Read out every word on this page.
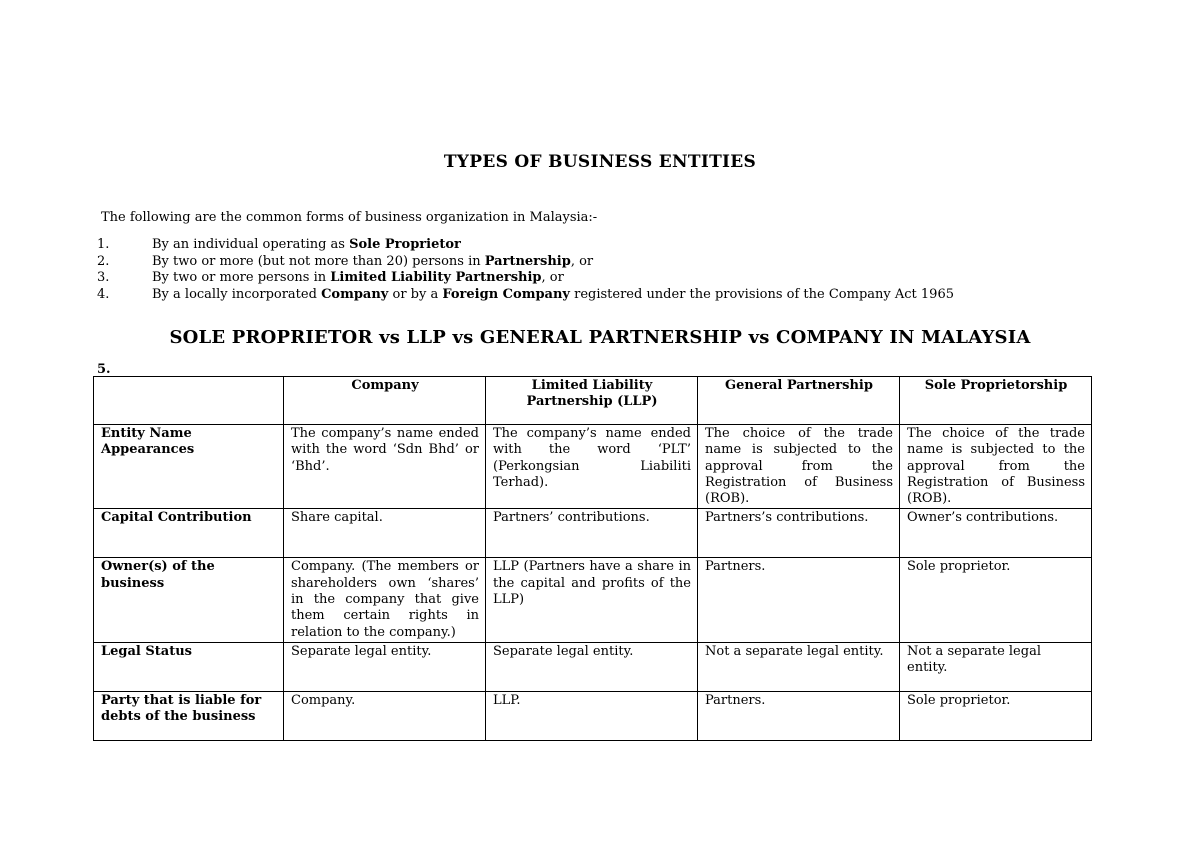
TYPES OF BUSINESS ENTITIES
The following are the common forms of business organization in Malaysia:-
1.	By an individual operating as Sole Proprietor
2.	By two or more (but not more than 20) persons in Partnership, or
3.	By two or more persons in Limited Liability Partnership, or
4.	By a locally incorporated Company or by a Foreign Company registered under the provisions of the Company Act 1965
SOLE PROPRIETOR vs LLP vs GENERAL PARTNERSHIP vs COMPANY IN MALAYSIA
5.
	Company	Limited Liability Partnership (LLP)	General Partnership	Sole Proprietorship
Entity Name Appearances	The company’s name ended with the word ‘Sdn Bhd’ or ‘Bhd’.	The company’s name ended with the word ‘PLT’ (Perkongsian Liabiliti Terhad).	The choice of the trade name is subjected to the approval from the Registration of Business (ROB).	The choice of the trade name is subjected to the approval from the Registration of Business (ROB).
Capital Contribution	Share capital.	Partners’ contributions.	Partners’s contributions.	Owner’s contributions.
Owner(s) of the business	Company. (The members or shareholders own ‘shares’ in the company that give them certain rights in relation to the company.)	LLP (Partners have a share in the capital and profits of the LLP)	Partners.	Sole proprietor.
Legal Status	Separate legal entity.	Separate legal entity.	Not a separate legal entity.	Not a separate legal entity.
Party that is liable for debts of the business	Company.	LLP.	Partners.	Sole proprietor.
